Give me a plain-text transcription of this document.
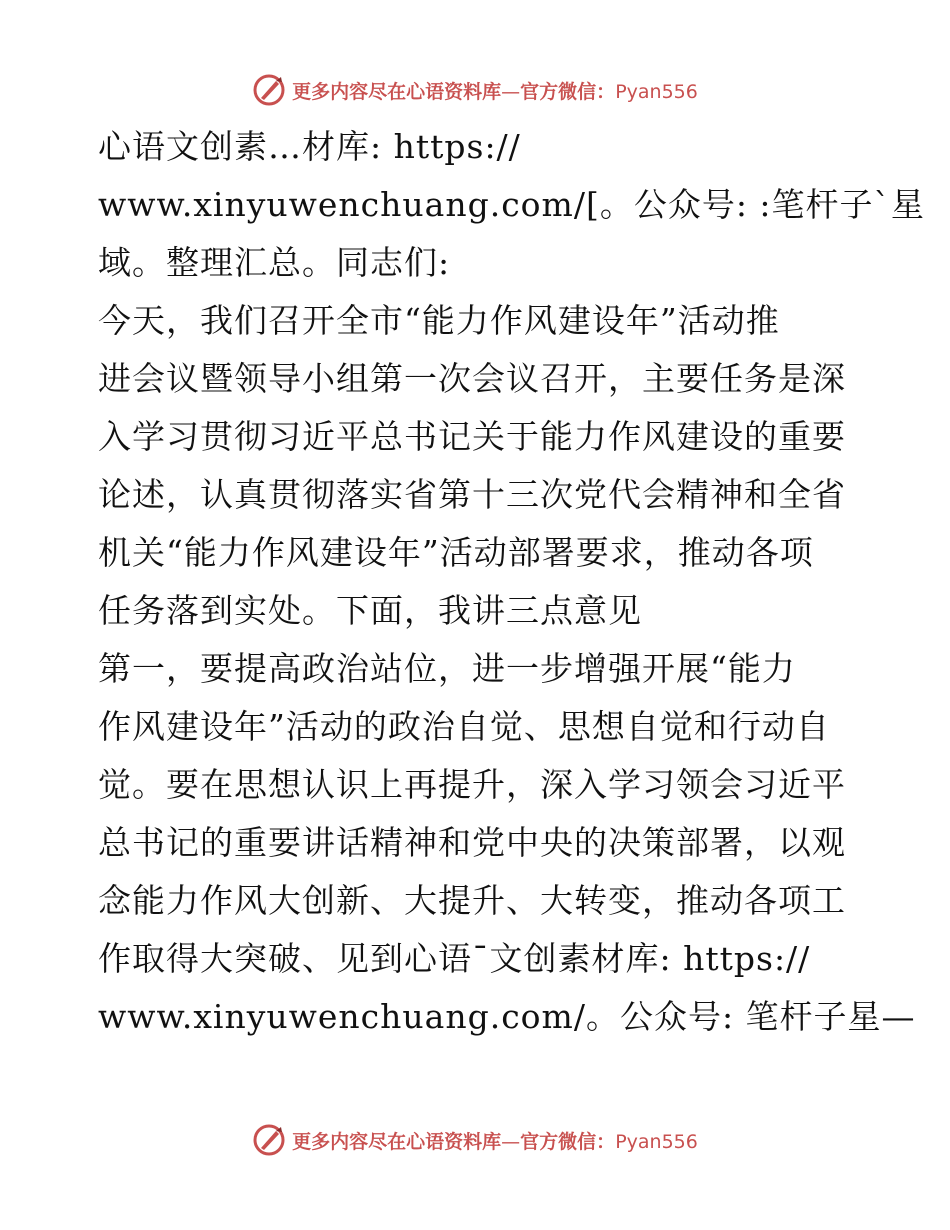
更多内容尽在心语资料库—官方微信：Pyan556
心语文创素…材库: https://
www.xinyuwenchuang.com/[。公众号: :笔杆子`星
域。整理汇总。同志们:
今天，我们召开全市“能力作风建设年”活动推
进会议暨领导小组第一次会议召开，主要任务是深
入学习贯彻习近平总书记关于能力作风建设的重要
论述，认真贯彻落实省第十三次党代会精神和全省
机关“能力作风建设年”活动部署要求，推动各项
任务落到实处。下面，我讲三点意见
第一，要提高政治站位，进一步增强开展“能力
作风建设年”活动的政治自觉、思想自觉和行动自
觉。要在思想认识上再提升，深入学习领会习近平
总书记的重要讲话精神和党中央的决策部署，以观
念能力作风大创新、大提升、大转变，推动各项工
作取得大突破、见到心语¯文创素材库: https://
www.xinyuwenchuang.com/。公众号: 笔杆子星—
更多内容尽在心语资料库—官方微信：Pyan556
